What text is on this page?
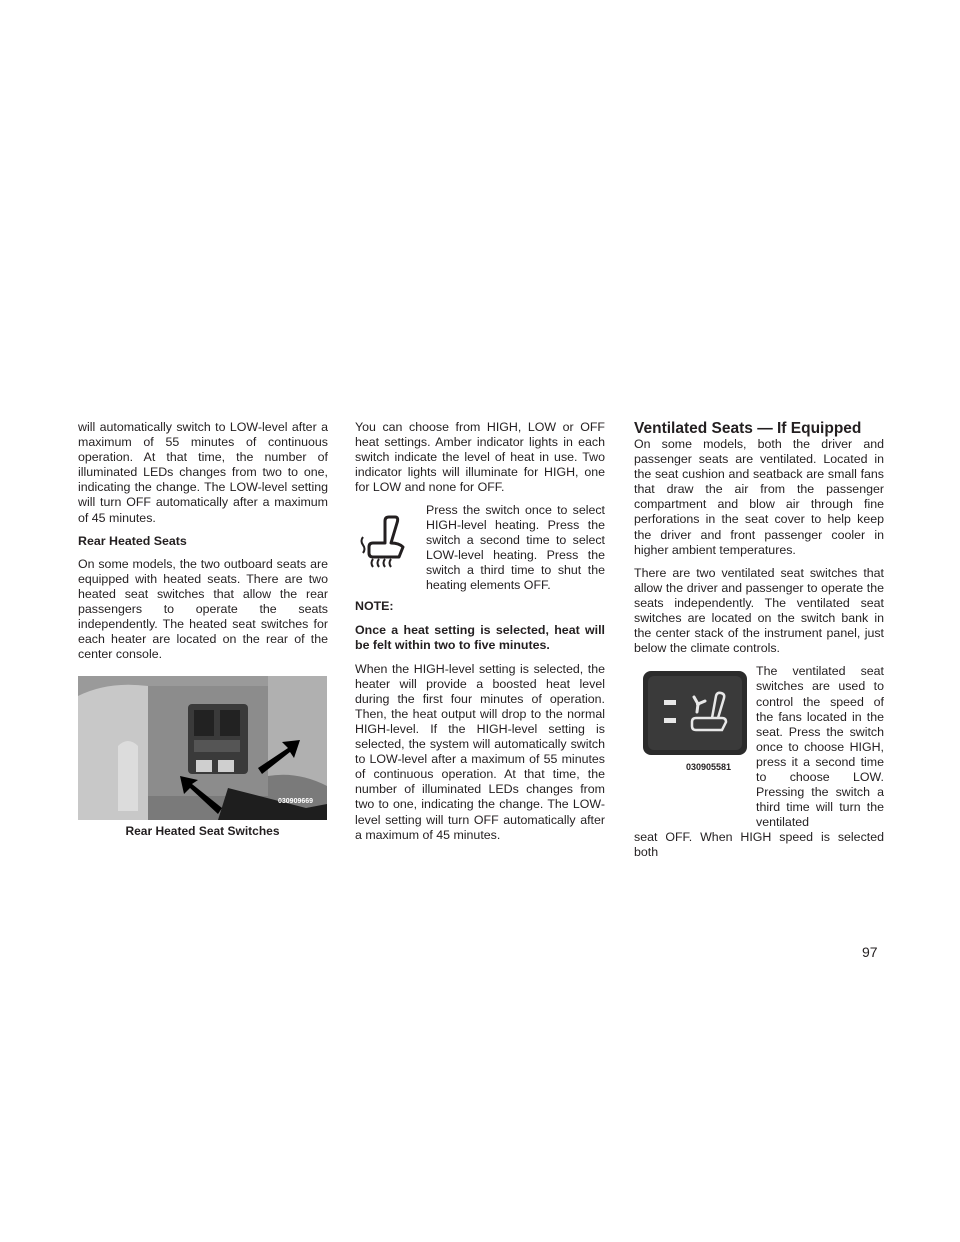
will automatically switch to LOW-level after a maximum of 55 minutes of continuous operation. At that time, the number of illuminated LEDs changes from two to one, indicating the change. The LOW-level setting will turn OFF automatically after a maximum of 45 minutes.

Rear Heated Seats

On some models, the two outboard seats are equipped with heated seats. There are two heated seat switches that allow the rear passengers to operate the seats independently. The heated seat switches for each heater are located on the rear of the center console.

030909669
Rear Heated Seat Switches

You can choose from HIGH, LOW or OFF heat settings. Amber indicator lights in each switch indicate the level of heat in use. Two indicator lights will illuminate for HIGH, one for LOW and none for OFF.

Press the switch once to select HIGH-level heating. Press the switch a second time to select LOW-level heating. Press the switch a third time to shut the heating elements OFF.

NOTE:

Once a heat setting is selected, heat will be felt within two to five minutes.

When the HIGH-level setting is selected, the heater will provide a boosted heat level during the first four minutes of operation. Then, the heat output will drop to the normal HIGH-level. If the HIGH-level setting is selected, the system will automatically switch to LOW-level after a maximum of 55 minutes of continuous operation. At that time, the number of illuminated LEDs changes from two to one, indicating the change. The LOW-level setting will turn OFF automatically after a maximum of 45 minutes.

Ventilated Seats — If Equipped

On some models, both the driver and passenger seats are ventilated. Located in the seat cushion and seatback are small fans that draw the air from the passenger compartment and blow air through fine perforations in the seat cover to help keep the driver and front passenger cooler in higher ambient temperatures.

There are two ventilated seat switches that allow the driver and passenger to operate the seats independently. The ventilated seat switches are located on the switch bank in the center stack of the instrument panel, just below the climate controls.

030905581
The ventilated seat switches are used to control the speed of the fans located in the seat. Press the switch once to choose HIGH, press it a second time to choose LOW. Pressing the switch a third time will turn the ventilated

seat OFF. When HIGH speed is selected both

97
